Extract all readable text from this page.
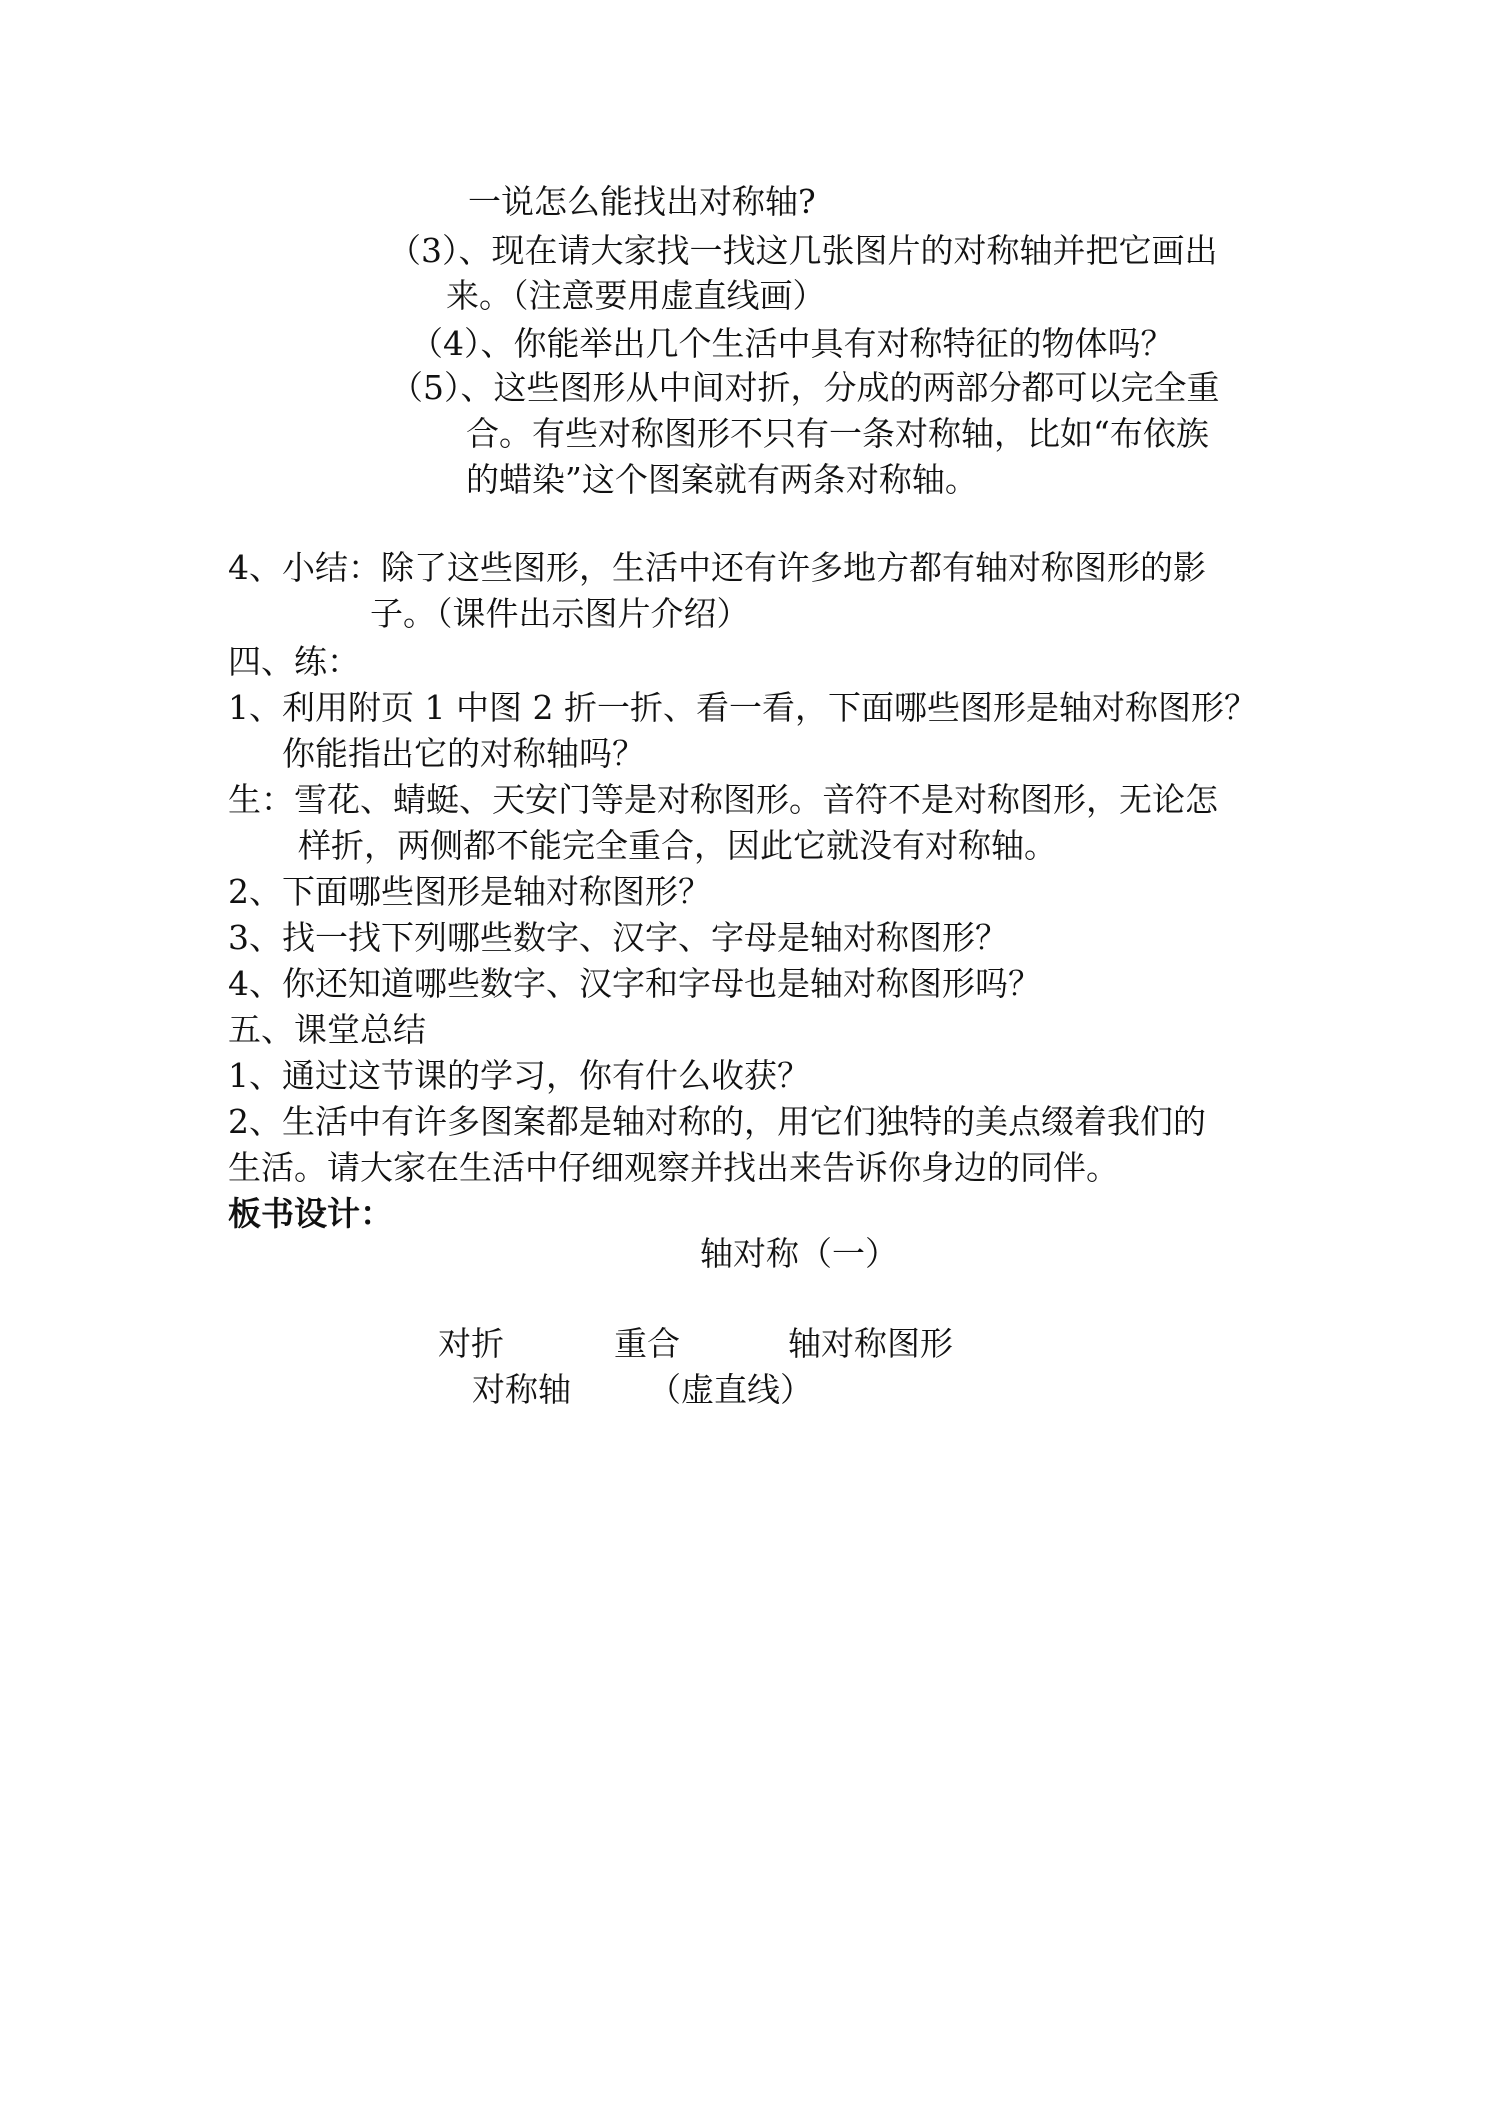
一说怎么能找出对称轴?

（3）、现在请大家找一找这几张图片的对称轴并把它画出

来。（注意要用虚直线画）

（4）、你能举出几个生活中具有对称特征的物体吗？

（5）、这些图形从中间对折，分成的两部分都可以完全重

合。有些对称图形不只有一条对称轴，比如“布依族

的蜡染”这个图案就有两条对称轴。

4、小结：除了这些图形，生活中还有许多地方都有轴对称图形的影

子。（课件出示图片介绍）

四、练：

1、利用附页 1 中图 2 折一折、看一看，下面哪些图形是轴对称图形？

你能指出它的对称轴吗？

生：雪花、蜻蜓、天安门等是对称图形。音符不是对称图形，无论怎

样折，两侧都不能完全重合，因此它就没有对称轴。

2、下面哪些图形是轴对称图形？

3、找一找下列哪些数字、汉字、字母是轴对称图形？

4、你还知道哪些数字、汉字和字母也是轴对称图形吗？

五、课堂总结

1、通过这节课的学习，你有什么收获？

2、生活中有许多图案都是轴对称的，用它们独特的美点缀着我们的

生活。请大家在生活中仔细观察并找出来告诉你身边的同伴。

板书设计：

轴对称（一）

对折	重合	轴对称图形

对称轴 （虚直线）
